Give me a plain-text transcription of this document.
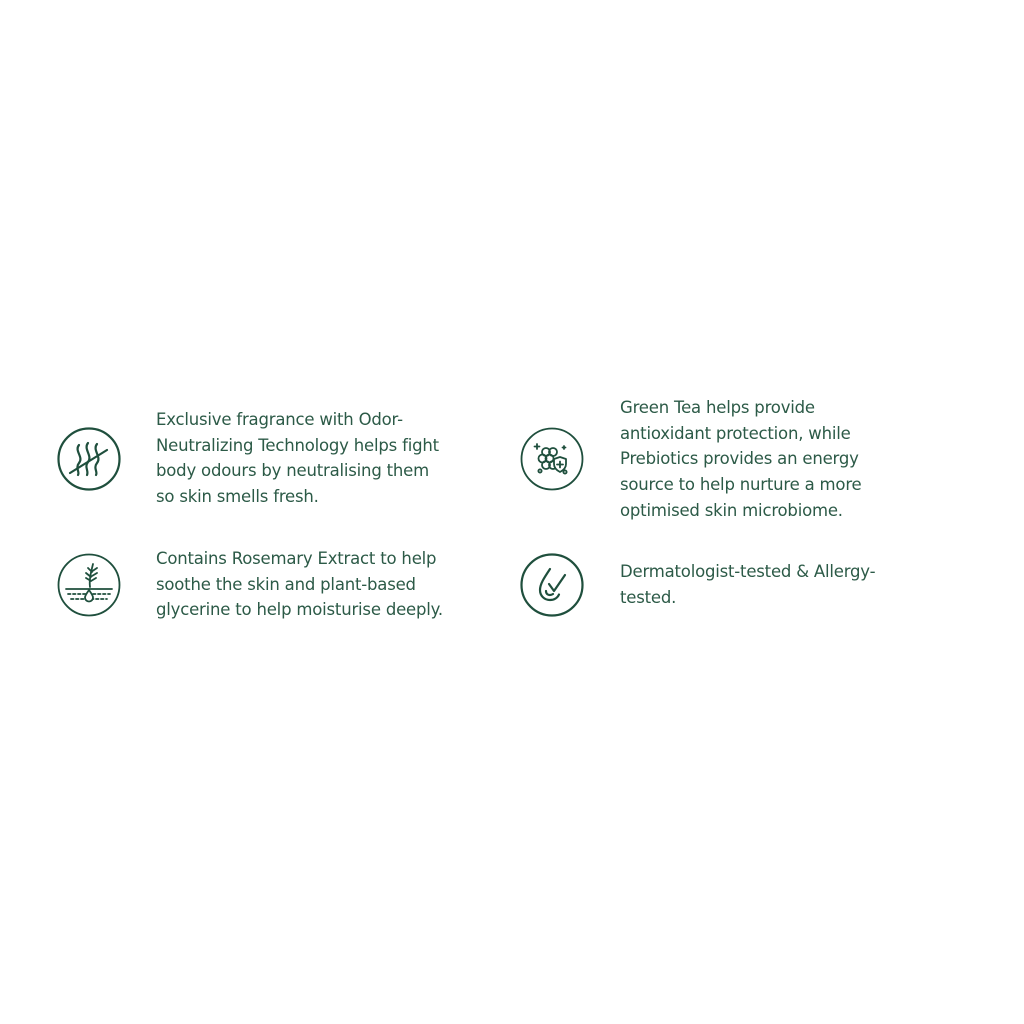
Exclusive fragrance with Odor-
Neutralizing Technology helps fight
body odours by neutralising them
so skin smells fresh.
Green Tea helps provide
antioxidant protection, while
Prebiotics provides an energy
source to help nurture a more
optimised skin microbiome.
Contains Rosemary Extract to help
soothe the skin and plant-based
glycerine to help moisturise deeply.
Dermatologist-tested & Allergy-
tested.
